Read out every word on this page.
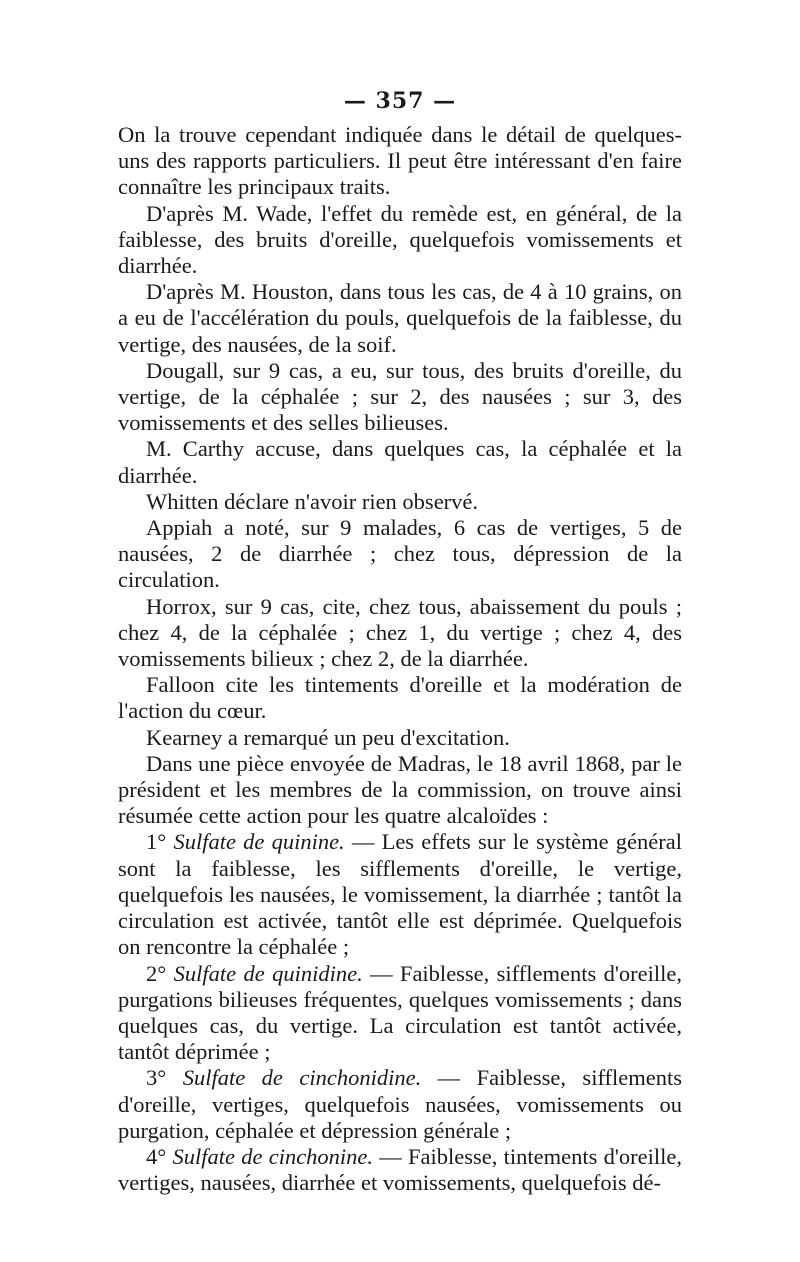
— 357 —

On la trouve cependant indiquée dans le détail de quelques-uns des rapports particuliers. Il peut être intéressant d'en faire connaître les principaux traits.

D'après M. Wade, l'effet du remède est, en général, de la faiblesse, des bruits d'oreille, quelquefois vomissements et diarrhée.

D'après M. Houston, dans tous les cas, de 4 à 10 grains, on a eu de l'accélération du pouls, quelquefois de la faiblesse, du vertige, des nausées, de la soif.

Dougall, sur 9 cas, a eu, sur tous, des bruits d'oreille, du vertige, de la céphalée ; sur 2, des nausées ; sur 3, des vomissements et des selles bilieuses.

M. Carthy accuse, dans quelques cas, la céphalée et la diarrhée.

Whitten déclare n'avoir rien observé.

Appiah a noté, sur 9 malades, 6 cas de vertiges, 5 de nausées, 2 de diarrhée ; chez tous, dépression de la circulation.

Horrox, sur 9 cas, cite, chez tous, abaissement du pouls ; chez 4, de la céphalée ; chez 1, du vertige ; chez 4, des vomissements bilieux ; chez 2, de la diarrhée.

Falloon cite les tintements d'oreille et la modération de l'action du cœur.

Kearney a remarqué un peu d'excitation.

Dans une pièce envoyée de Madras, le 18 avril 1868, par le président et les membres de la commission, on trouve ainsi résumée cette action pour les quatre alcaloïdes :

1° Sulfate de quinine. — Les effets sur le système général sont la faiblesse, les sifflements d'oreille, le vertige, quelquefois les nausées, le vomissement, la diarrhée ; tantôt la circulation est activée, tantôt elle est déprimée. Quelquefois on rencontre la céphalée ;

2° Sulfate de quinidine. — Faiblesse, sifflements d'oreille, purgations bilieuses fréquentes, quelques vomissements ; dans quelques cas, du vertige. La circulation est tantôt activée, tantôt déprimée ;

3° Sulfate de cinchonidine. — Faiblesse, sifflements d'oreille, vertiges, quelquefois nausées, vomissements ou purgation, céphalée et dépression générale ;

4° Sulfate de cinchonine. — Faiblesse, tintements d'oreille, vertiges, nausées, diarrhée et vomissements, quelquefois dé-
